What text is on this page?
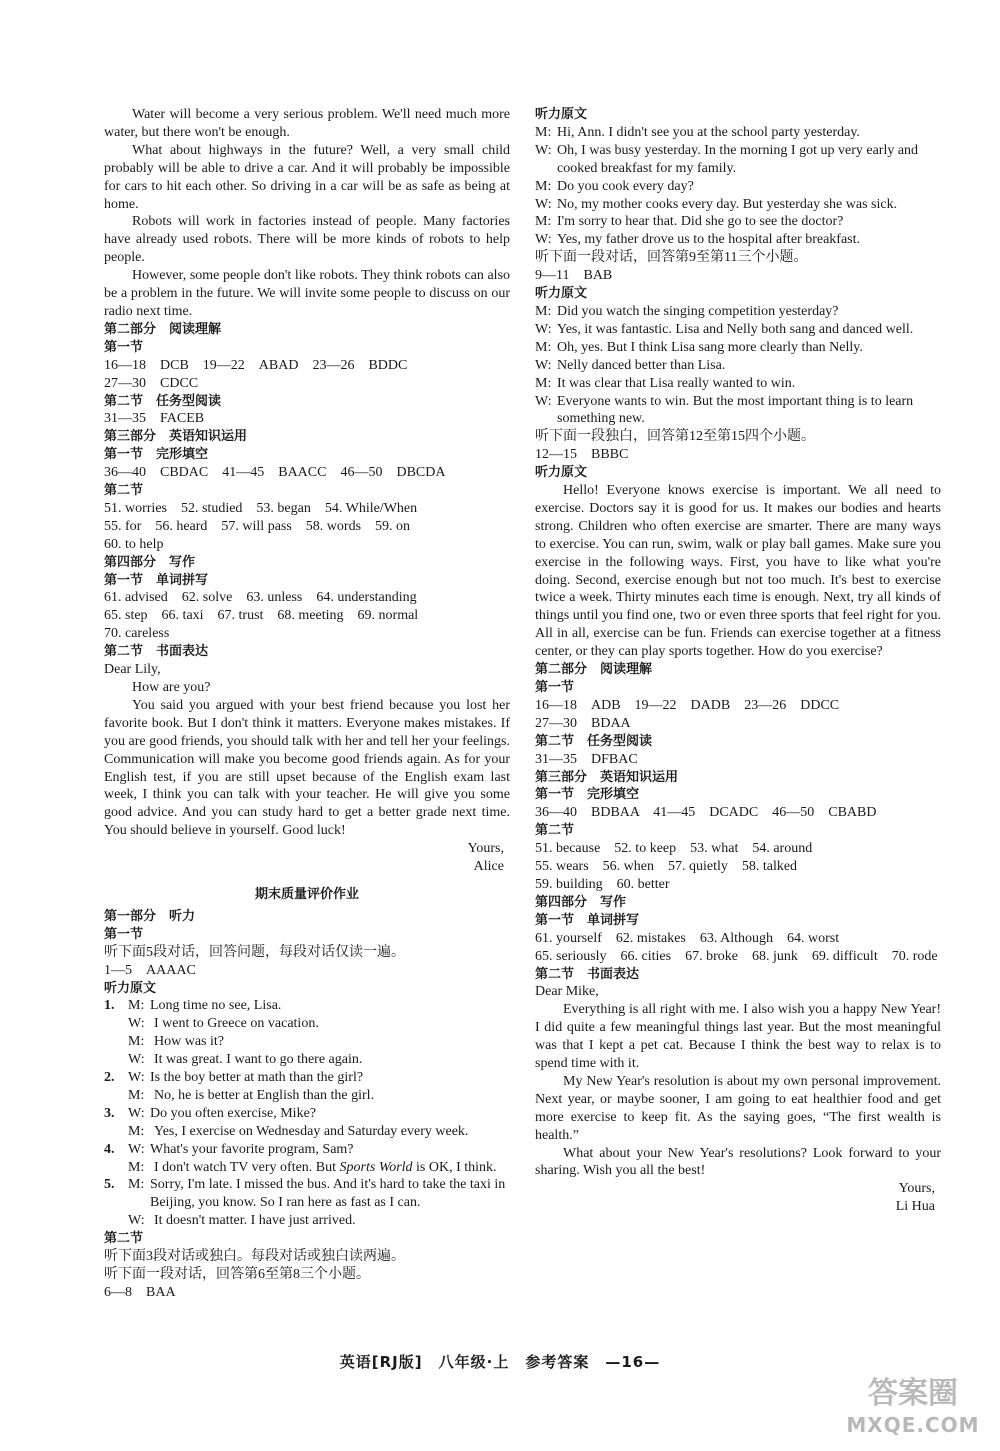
Water will become a very serious problem. We'll need much more water, but there won't be enough.

What about highways in the future? Well, a very small child probably will be able to drive a car. And it will probably be impossible for cars to hit each other. So driving in a car will be as safe as being at home.

Robots will work in factories instead of people. Many factories have already used robots. There will be more kinds of robots to help people.

However, some people don't like robots. They think robots can also be a problem in the future. We will invite some people to discuss on our radio next time.

第二部分　阅读理解

第一节

16—18　DCB　19—22　ABAD　23—26　BDDC

27—30　CDCC

第二节　任务型阅读

31—35　FACEB

第三部分　英语知识运用

第一节　完形填空

36—40　CBDAC　41—45　BAACC　46—50　DBCDA

第二节

51. worries　52. studied　53. began　54. While/When

55. for　56. heard　57. will pass　58. words　59. on

60. to help

第四部分　写作

第一节　单词拼写

61. advised　62. solve　63. unless　64. understanding

65. step　66. taxi　67. trust　68. meeting　69. normal

70. careless

第二节　书面表达

Dear Lily,

How are you?

You said you argued with your best friend because you lost her favorite book. But I don't think it matters. Everyone makes mistakes. If you are good friends, you should talk with her and tell her your feelings. Communication will make you become good friends again. As for your English test, if you are still upset because of the English exam last week, I think you can talk with your teacher. He will give you some good advice. And you can study hard to get a better grade next time. You should believe in yourself. Good luck!

Yours,

Alice

期末质量评价作业

第一部分　听力

第一节

听下面5段对话，回答问题，每段对话仅读一遍。

1—5　AAAAC

听力原文

1. M: Long time no see, Lisa.
W: I went to Greece on vacation.
M: How was it?
W: It was great. I want to go there again.
2. W: Is the boy better at math than the girl?
M: No, he is better at English than the girl.
3. W: Do you often exercise, Mike?
M: Yes, I exercise on Wednesday and Saturday every week.
4. W: What's your favorite program, Sam?
M: I don't watch TV very often. But Sports World is OK, I think.
5. M: Sorry, I'm late. I missed the bus. And it's hard to take the taxi in Beijing, you know. So I ran here as fast as I can.
W: It doesn't matter. I have just arrived.

第二节

听下面3段对话或独白。每段对话或独白读两遍。

听下面一段对话，回答第6至第8三个小题。

6—8　BAA

听力原文

M: Hi, Ann. I didn't see you at the school party yesterday.
W: Oh, I was busy yesterday. In the morning I got up very early and cooked breakfast for my family.
M: Do you cook every day?
W: No, my mother cooks every day. But yesterday she was sick.
M: I'm sorry to hear that. Did she go to see the doctor?
W: Yes, my father drove us to the hospital after breakfast.

听下面一段对话，回答第9至第11三个小题。

9—11　BAB

听力原文

M: Did you watch the singing competition yesterday?
W: Yes, it was fantastic. Lisa and Nelly both sang and danced well.
M: Oh, yes. But I think Lisa sang more clearly than Nelly.
W: Nelly danced better than Lisa.
M: It was clear that Lisa really wanted to win.
W: Everyone wants to win. But the most important thing is to learn something new.

听下面一段独白，回答第12至第15四个小题。

12—15　BBBC

听力原文

Hello! Everyone knows exercise is important. We all need to exercise. Doctors say it is good for us. It makes our bodies and hearts strong. Children who often exercise are smarter. There are many ways to exercise. You can run, swim, walk or play ball games. Make sure you exercise in the following ways. First, you have to like what you're doing. Second, exercise enough but not too much. It's best to exercise twice a week. Thirty minutes each time is enough. Next, try all kinds of things until you find one, two or even three sports that feel right for you. All in all, exercise can be fun. Friends can exercise together at a fitness center, or they can play sports together. How do you exercise?

第二部分　阅读理解

第一节

16—18　ADB　19—22　DADB　23—26　DDCC

27—30　BDAA

第二节　任务型阅读

31—35　DFBAC

第三部分　英语知识运用

第一节　完形填空

36—40　BDBAA　41—45　DCADC　46—50　CBABD

第二节

51. because　52. to keep　53. what　54. around

55. wears　56. when　57. quietly　58. talked

59. building　60. better

第四部分　写作

第一节　单词拼写

61. yourself　62. mistakes　63. Although　64. worst

65. seriously　66. cities　67. broke　68. junk　69. difficult　70. rode

第二节　书面表达

Dear Mike,

Everything is all right with me. I also wish you a happy New Year! I did quite a few meaningful things last year. But the most meaningful was that I kept a pet cat. Because I think the best way to relax is to spend time with it.

My New Year's resolution is about my own personal improvement. Next year, or maybe sooner, I am going to eat healthier food and get more exercise to keep fit. As the saying goes, “The first wealth is health.”

What about your New Year's resolutions? Look forward to your sharing. Wish you all the best!

Yours,

Li Hua

英语[RJ版]　八年级·上　参考答案　—16—
答案圈
MXQE.COM
